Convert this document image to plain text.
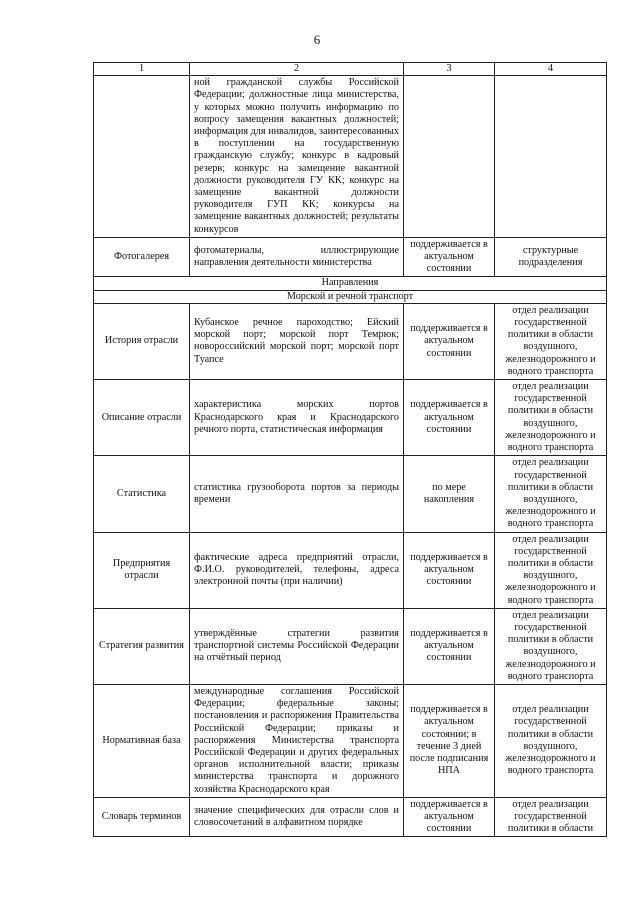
6
1	2	3	4
	ной гражданской службы Российской Федерации; должностные лица министерства, у которых можно получить информацию по вопросу замещения вакантных должностей; информация для инвалидов, заинтересованных в поступлении на государственную гражданскую службу; конкурс в кадровый резерв; конкурс на замещение вакантной должности руководителя ГУ КК; конкурс на замещение вакантной должности руководителя ГУП КК; конкурсы на замещение вакантных должностей; результаты конкурсов		
Фотогалерея	фотоматериалы, иллюстрирующие направления деятельности министерства	поддерживается в актуальном состоянии	структурные подразделения
Направления			
Морской и речной транспорт			
История отрасли	Кубанское речное пароходство; Ейский морской порт; морской порт Темрюк; новороссийский морской порт; морской порт Туапсе	поддерживается в актуальном состоянии	отдел реализации государственной политики в области воздушного, железнодорожного и водного транспорта
Описание отрасли	характеристика морских портов Краснодарского края и Краснодарского речного порта, статистическая информация	поддерживается в актуальном состоянии	отдел реализации государственной политики в области воздушного, железнодорожного и водного транспорта
Статистика	статистика грузооборота портов за периоды времени	по мере накопления	отдел реализации государственной политики в области воздушного, железнодорожного и водного транспорта
Предприятия отрасли	фактические адреса предприятий отрасли, Ф.И.О. руководителей, телефоны, адреса электронной почты (при наличии)	поддерживается в актуальном состоянии	отдел реализации государственной политики в области воздушного, железнодорожного и водного транспорта
Стратегия развития	утверждённые стратегии развития транспортной системы Российской Федерации на отчётный период	поддерживается в актуальном состоянии	отдел реализации государственной политики в области воздушного, железнодорожного и водного транспорта
Нормативная база	международные соглашения Российской Федерации; федеральные законы; постановления и распоряжения Правительства Российской Федерации; приказы и распоряжения Министерства транспорта Российской Федерации и других федеральных органов исполнительной власти; приказы министерства транспорта и дорожного хозяйства Краснодарского края	поддерживается в актуальном состоянии; в течение 3 дней после подписания НПА	отдел реализации государственной политики в области воздушного, железнодорожного и водного транспорта
Словарь терминов	значение специфических для отрасли слов и словосочетаний в алфавитном порядке	поддерживается в актуальном состоянии	отдел реализации государственной политики в области
